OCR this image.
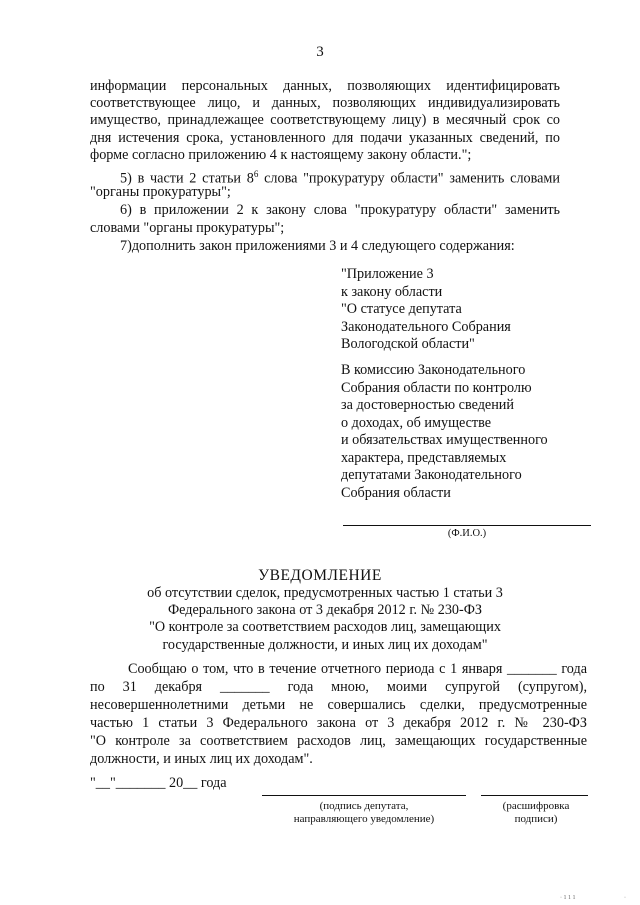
3

информации персональных данных, позволяющих идентифицировать соответствующее лицо, и данных, позволяющих индивидуализировать имущество, принадлежащее соответствующему лицу) в месячный срок со дня истечения срока, установленного для подачи указанных сведений, по форме согласно приложению 4 к настоящему закону области.";

5) в части 2 статьи $8^6$ слова "прокуратуру области" заменить словами
"органы прокуратуры";
6) в приложении 2 к закону слова "прокуратуру области" заменить
словами "органы прокуратуры";
7)дополнить закон приложениями 3 и 4 следующего содержания:
"Приложение 3
к закону области
"О статусе депутата
Законодательного Собрания
Вологодской области"
В комиссию Законодательного
Собрания области по контролю
за достоверностью сведений
о доходах, об имуществе
и обязательствах имущественного
характера, представляемых
депутатами Законодательного
Собрания области
(Ф.И.О.)
УВЕДОМЛЕНИЕ
об отсутствии сделок, предусмотренных частью 1 статьи 3
Федерального закона от 3 декабря 2012 г. № 230-ФЗ
"О контроле за соответствием расходов лиц, замещающих
государственные должности, и иных лиц их доходам"
Сообщаю о том, что в течение отчетного периода с 1 января _______ года
по 31 декабря _______ года мною, моими супругой (супругом),
несовершеннолетними детьми не совершались сделки, предусмотренные
частью 1 статьи 3 Федерального закона от 3 декабря 2012 г. № 230-ФЗ
"О контроле за соответствием расходов лиц, замещающих государственные
должности, и иных лиц их доходам".
"__"_______ 20__ года
(подпись депутата,
направляющего уведомление)
(расшифровка
подписи)
· 1 1 1	·
